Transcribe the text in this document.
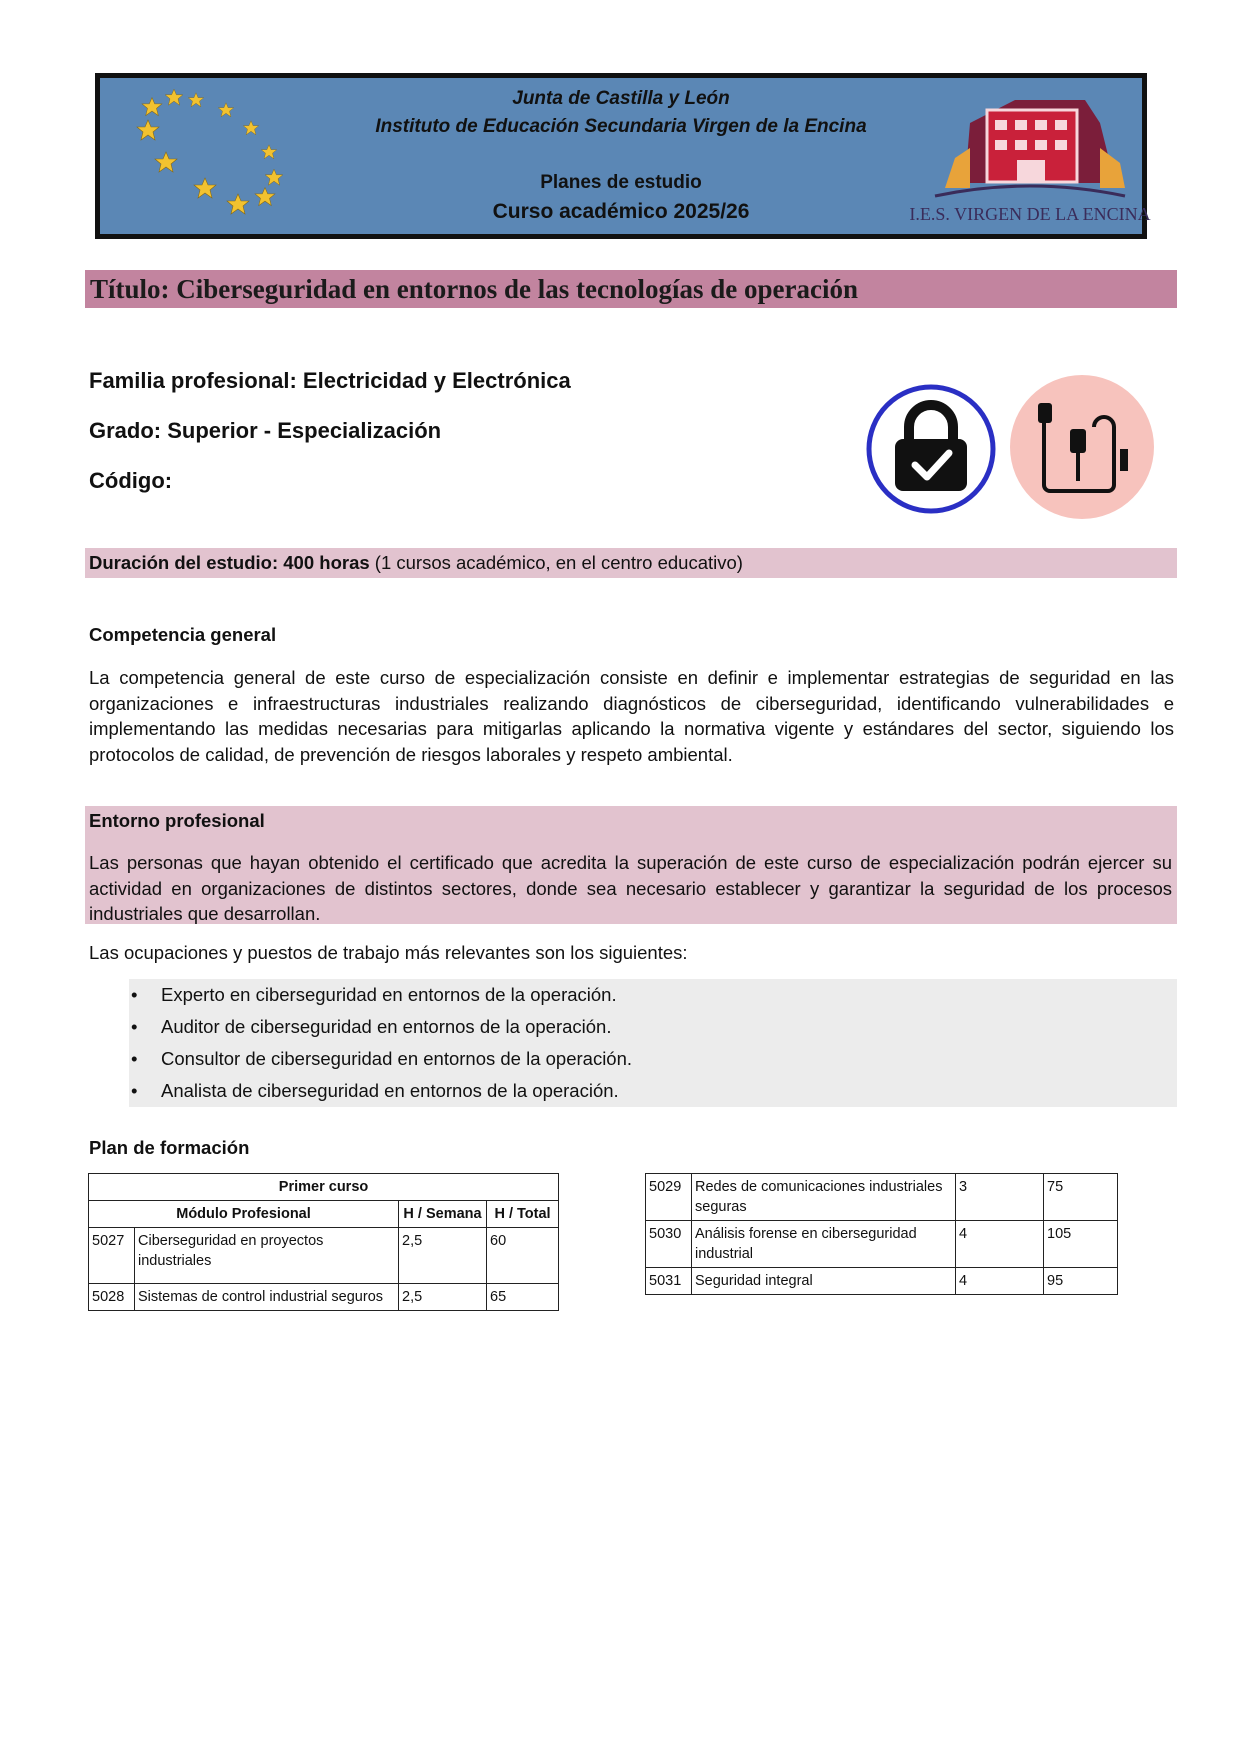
Junta de Castilla y León
Instituto de Educación Secundaria Virgen de la Encina
Planes de estudio
Curso académico 2025/26	I.E.S. VIRGEN DE LA ENCINA
Título: Ciberseguridad en entornos de las tecnologías de operación
Familia profesional: Electricidad y Electrónica
Grado: Superior - Especialización
Código:
Duración del estudio: 400 horas (1 cursos académico, en el centro educativo)
Competencia general
La competencia general de este curso de especialización consiste en definir e implementar estrategias de seguridad en las organizaciones e infraestructuras industriales realizando diagnósticos de ciberseguridad, identificando vulnerabilidades e implementando las medidas necesarias para mitigarlas aplicando la normativa vigente y estándares del sector, siguiendo los protocolos de calidad, de prevención de riesgos laborales y respeto ambiental.
Entorno profesional
Las personas que hayan obtenido el certificado que acredita la superación de este curso de especialización podrán ejercer su actividad en organizaciones de distintos sectores, donde sea necesario establecer y garantizar la seguridad de los procesos industriales que desarrollan.
Las ocupaciones y puestos de trabajo más relevantes son los siguientes:
• Experto en ciberseguridad en entornos de la operación.
• Auditor de ciberseguridad en entornos de la operación.
• Consultor de ciberseguridad en entornos de la operación.
• Analista de ciberseguridad en entornos de la operación.
Plan de formación
Primer curso			
Módulo Profesional		H / Semana	H / Total
5027	Ciberseguridad en proyectos industriales	2,5	60
5028	Sistemas de control industrial seguros	2,5	65
5029	Redes de comunicaciones industriales seguras	3	75
5030	Análisis forense en ciberseguridad industrial	4	105
5031	Seguridad integral	4	95
